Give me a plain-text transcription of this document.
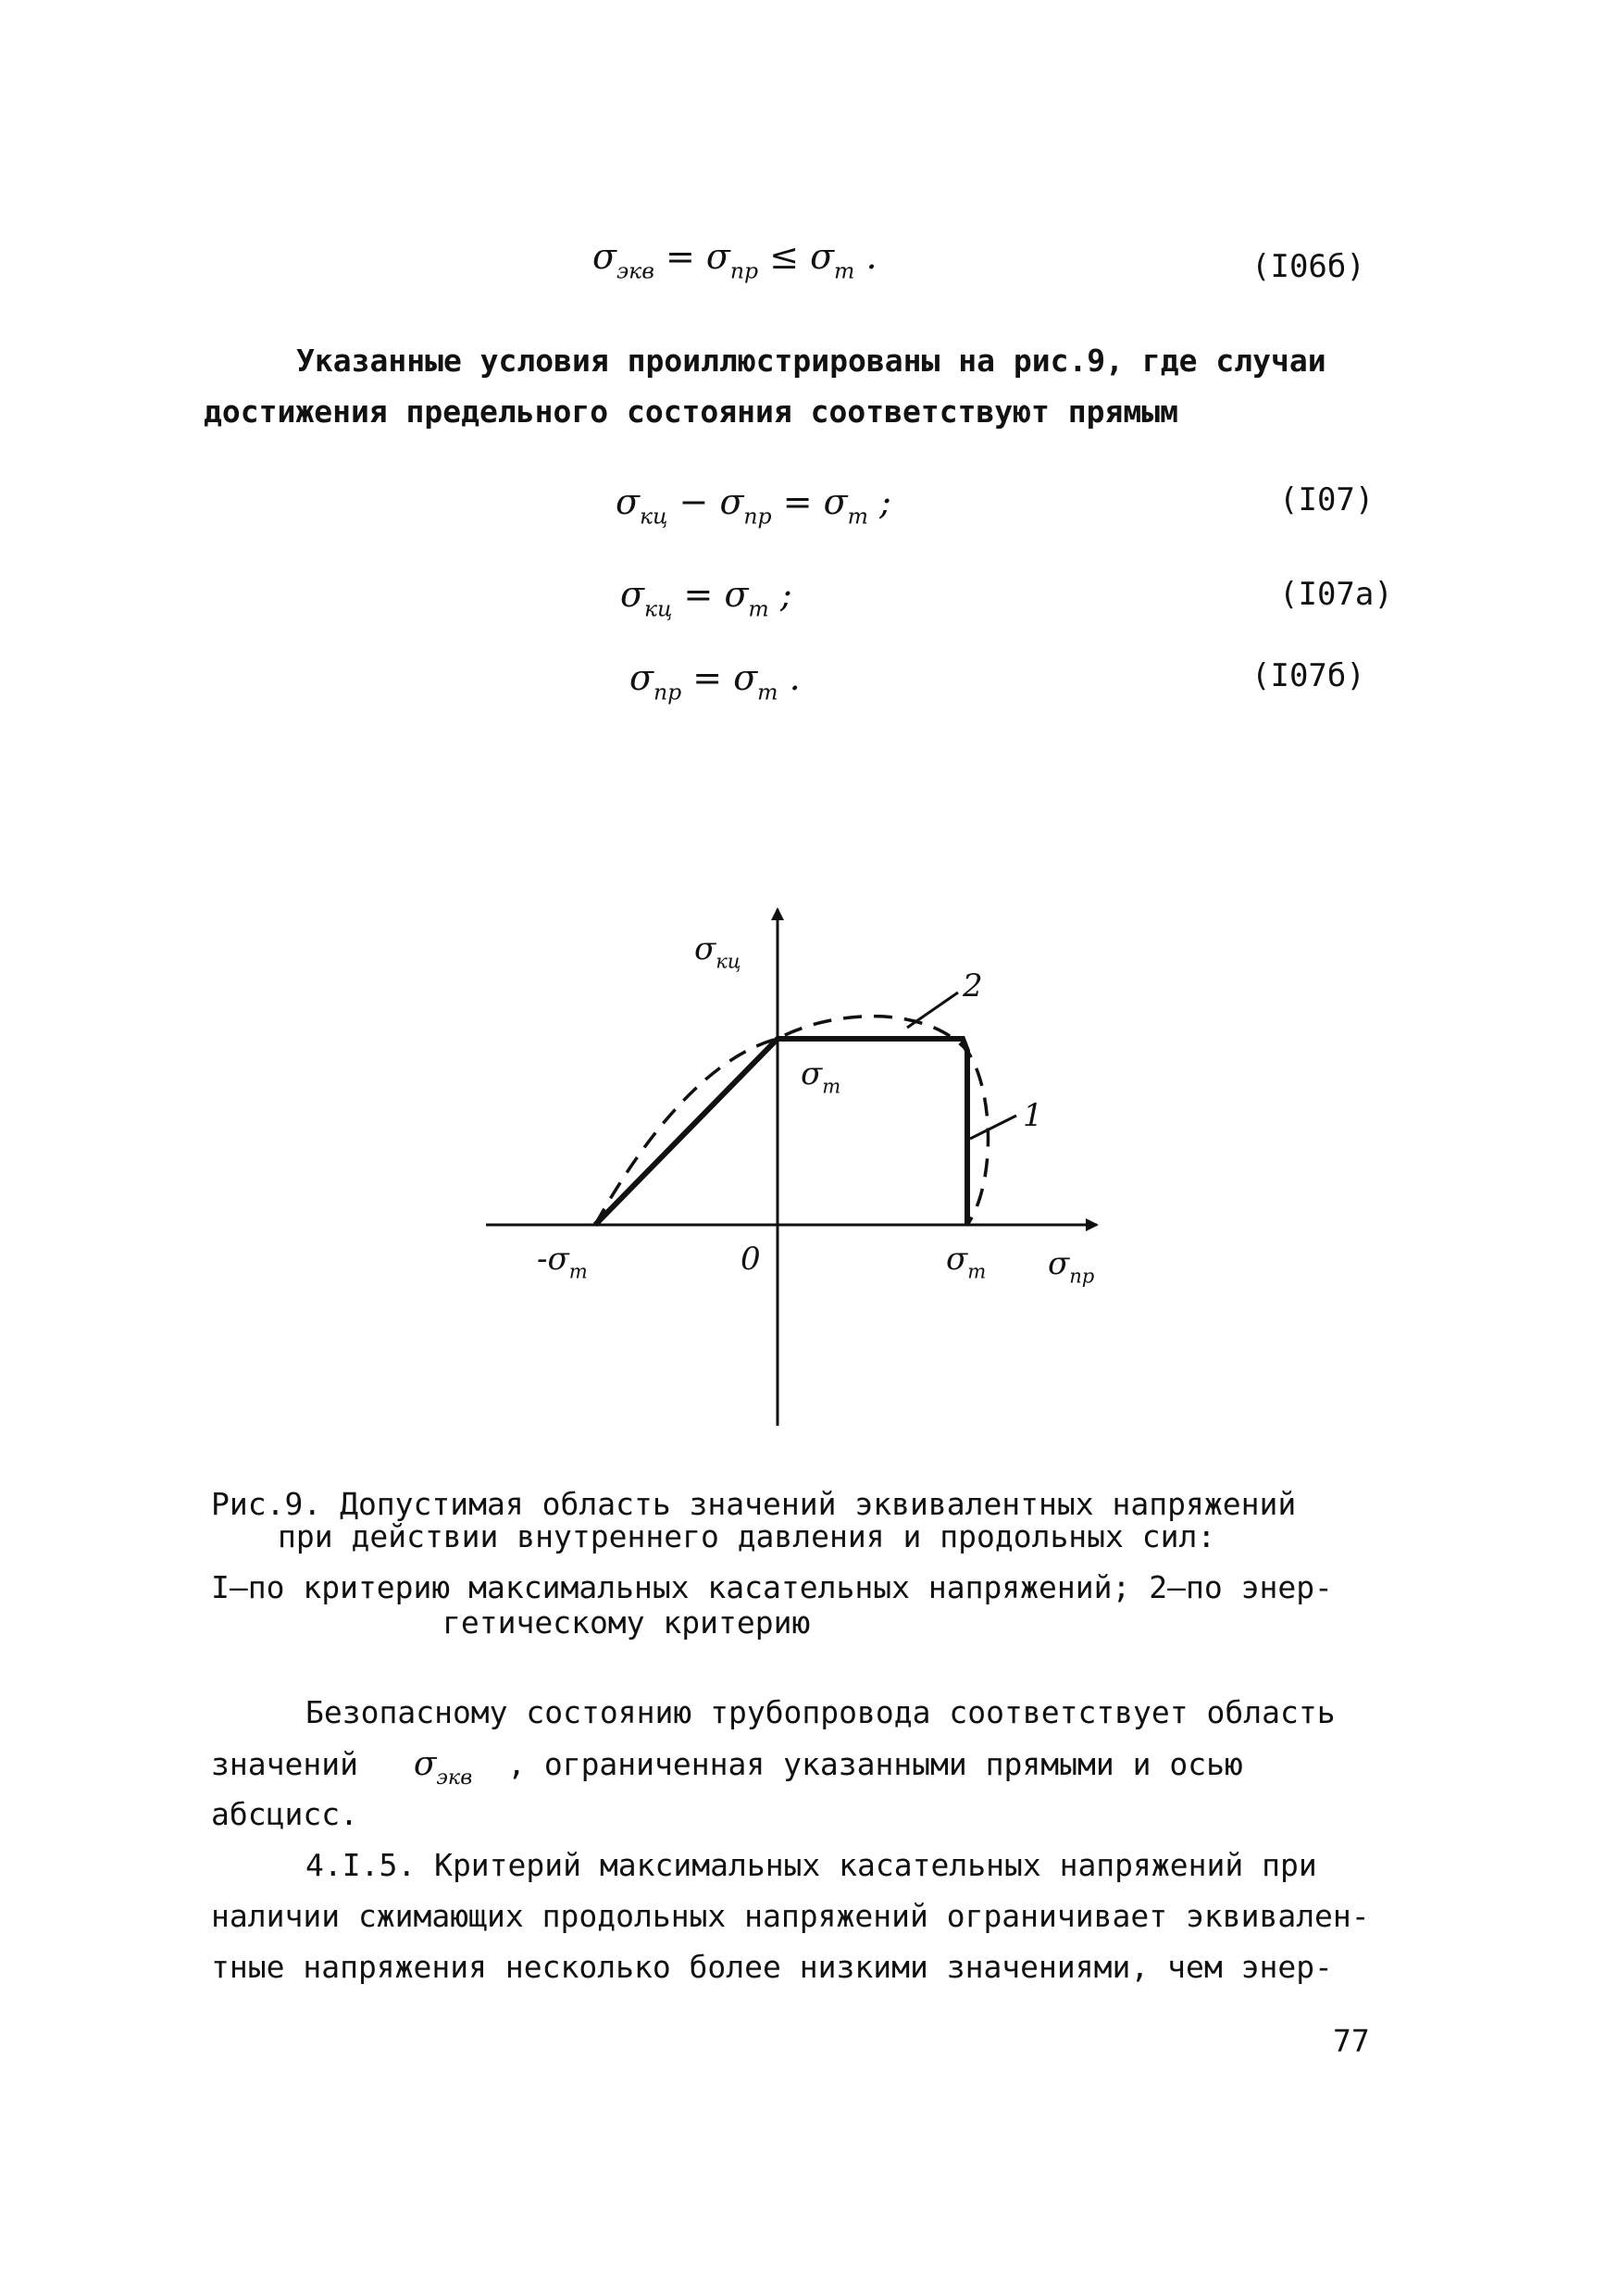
$\sigma_{экв} = \sigma_{пр} \le \sigma_т$ .	(I06б)
Указанные условия проиллюстрированы на рис.9, где случаи
достижения предельного состояния соответствуют прямым
$\sigma_{кц} - \sigma_{пр} = \sigma_т$ ;	(I07)
$\sigma_{кц} = \sigma_т$ ;	(I07а)
$\sigma_{пр} = \sigma_т$ .	(I07б)
$\sigma_{кц}$
2
$\sigma_т$
1
$-\sigma_т$	0	$\sigma_т$ $\sigma_{пр}$
Рис.9. Допустимая область значений эквивалентных напряжений
при действии внутреннего давления и продольных сил:
I–по критерию максимальных касательных напряжений; 2–по энер-
гетическому критерию
Безопасному состоянию трубопровода соответствует область
значений $\sigma_{экв}$ , ограниченная указанными прямыми и осью
абсцисс.
4.I.5. Критерий максимальных касательных напряжений при
наличии сжимающих продольных напряжений ограничивает эквивален-
тные напряжения несколько более низкими значениями, чем энер-
77
